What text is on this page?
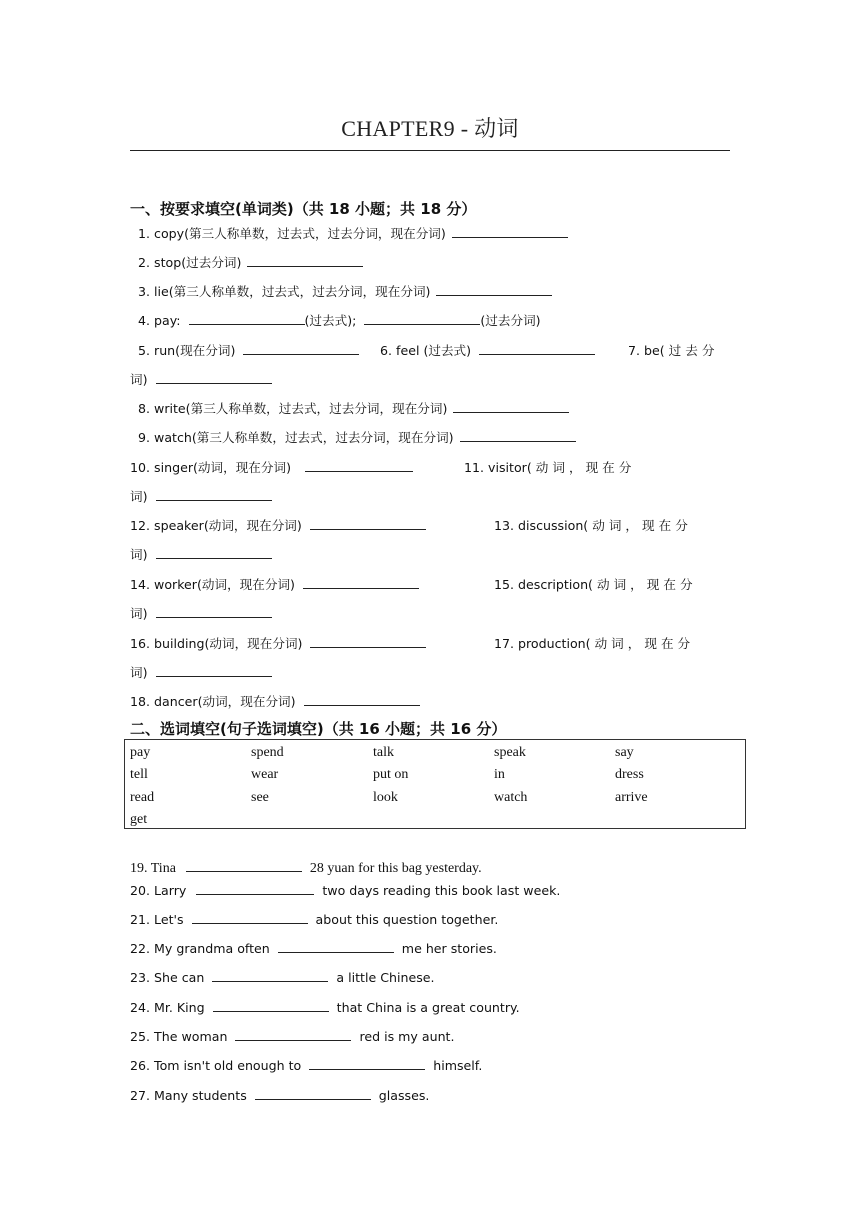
CHAPTER9 - 动词
一、按要求填空(单词类)（共 18 小题；共 18 分）
1. copy(第三人称单数，过去式，过去分词，现在分词)
2. stop(过去分词)
3. lie(第三人称单数，过去式，过去分词，现在分词)
4. pay:	(过去式);	(过去分词)
5. run(现在分词)	6. feel (过去式)	7. be( 过 去 分
词)
8. write(第三人称单数，过去式，过去分词，现在分词)
9. watch(第三人称单数，过去式，过去分词，现在分词)
10. singer(动词，现在分词)	11. visitor( 动 词 ， 现 在 分
词)
12. speaker(动词，现在分词)	13. discussion( 动 词 ， 现 在 分
词)
14. worker(动词，现在分词)	15. description( 动 词 ， 现 在 分
词)
16. building(动词，现在分词)	17. production( 动 词 ， 现 在 分
词)
18. dancer(动词，现在分词)
二、选词填空(句子选词填空)（共 16 小题；共 16 分）
pay	spend	talk	speak	say
tell	wear	put on	in	dress
read	see	look	watch	arrive
get
19. Tina	28 yuan for this bag yesterday.
20. Larry	two days reading this book last week.
21. Let's	about this question together.
22. My grandma often	me her stories.
23. She can	a little Chinese.
24. Mr. King	that China is a great country.
25. The woman	red is my aunt.
26. Tom isn't old enough to	himself.
27. Many students	glasses.
